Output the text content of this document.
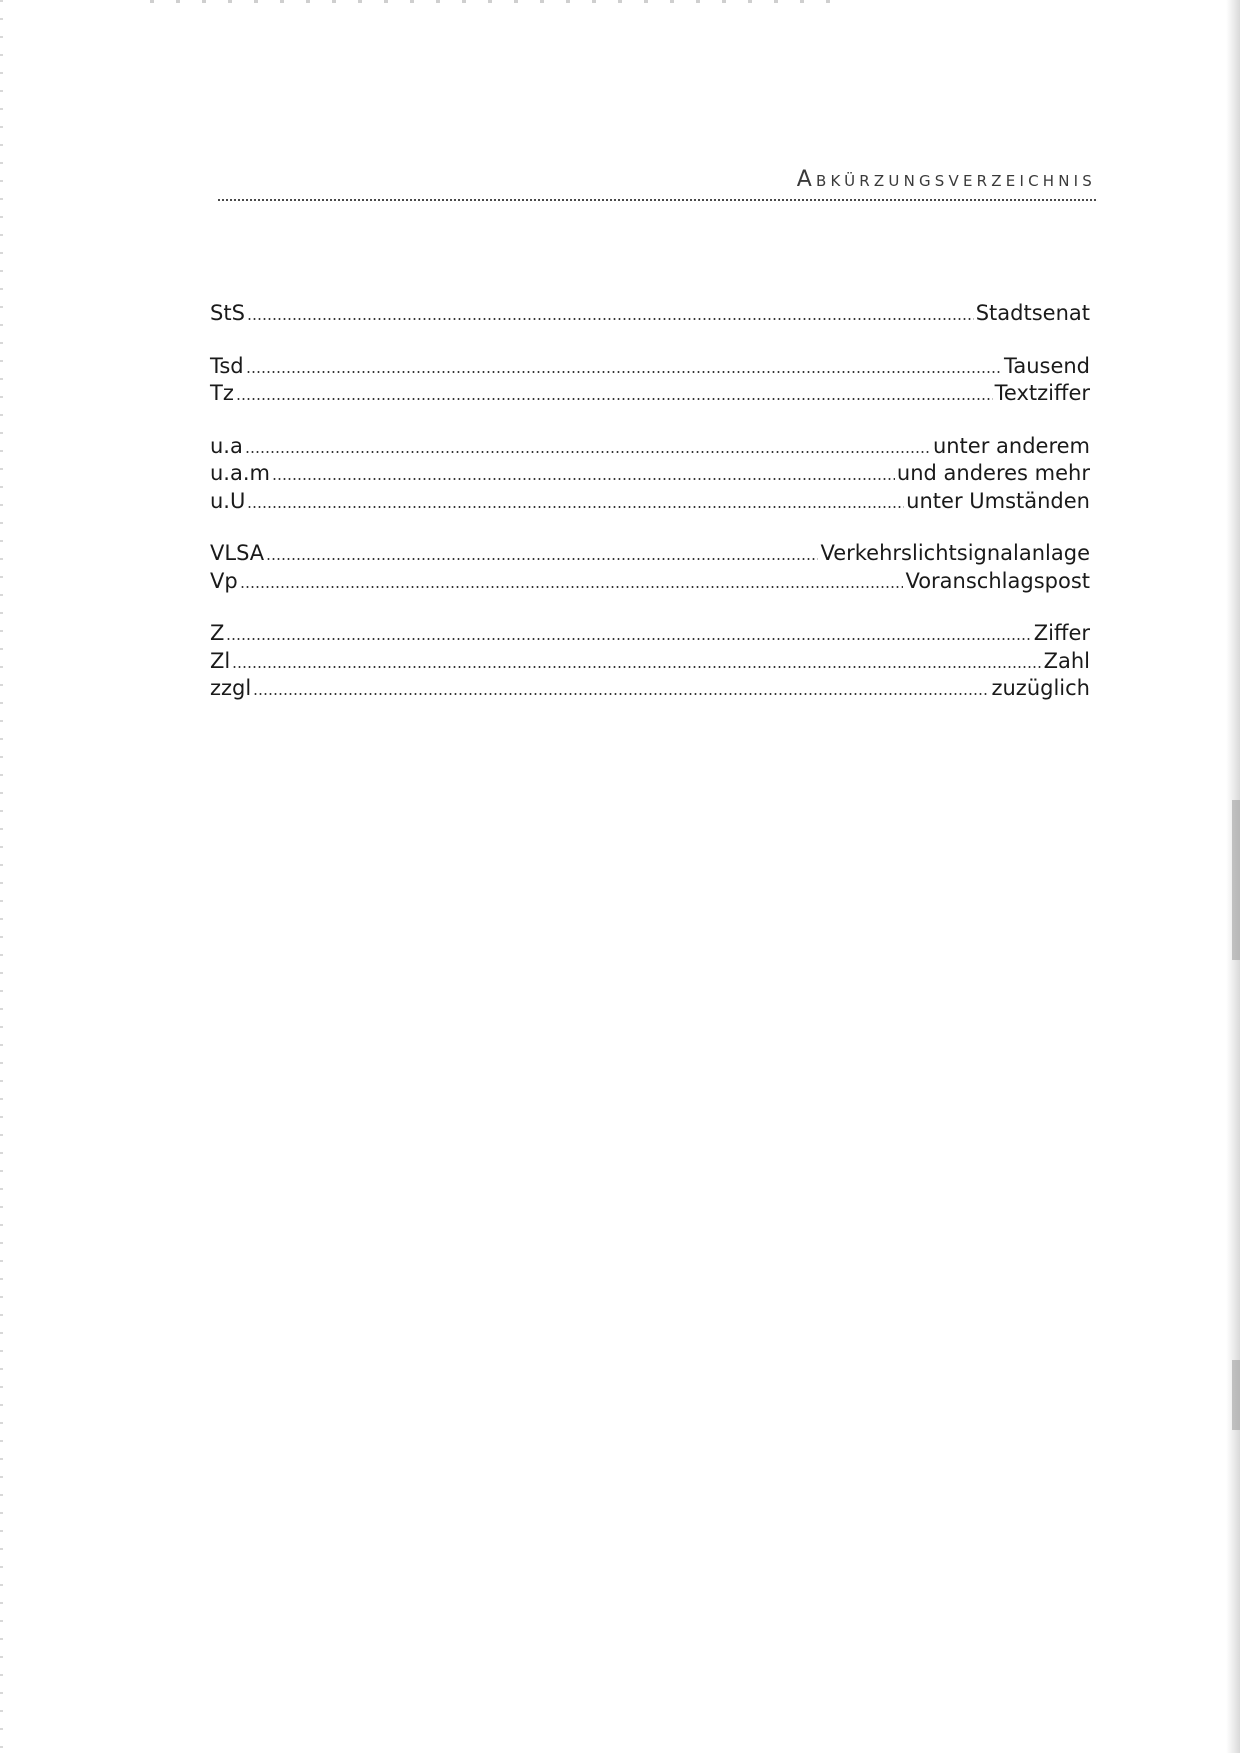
Abkürzungsverzeichnis
StS	Stadtsenat
Tsd	Tausend
Tz	Textziffer
u.a	unter anderem
u.a.m	und anderes mehr
u.U	unter Umständen
VLSA	Verkehrslichtsignalanlage
Vp	Voranschlagspost
Z	Ziffer
Zl	Zahl
zzgl	zuzüglich
